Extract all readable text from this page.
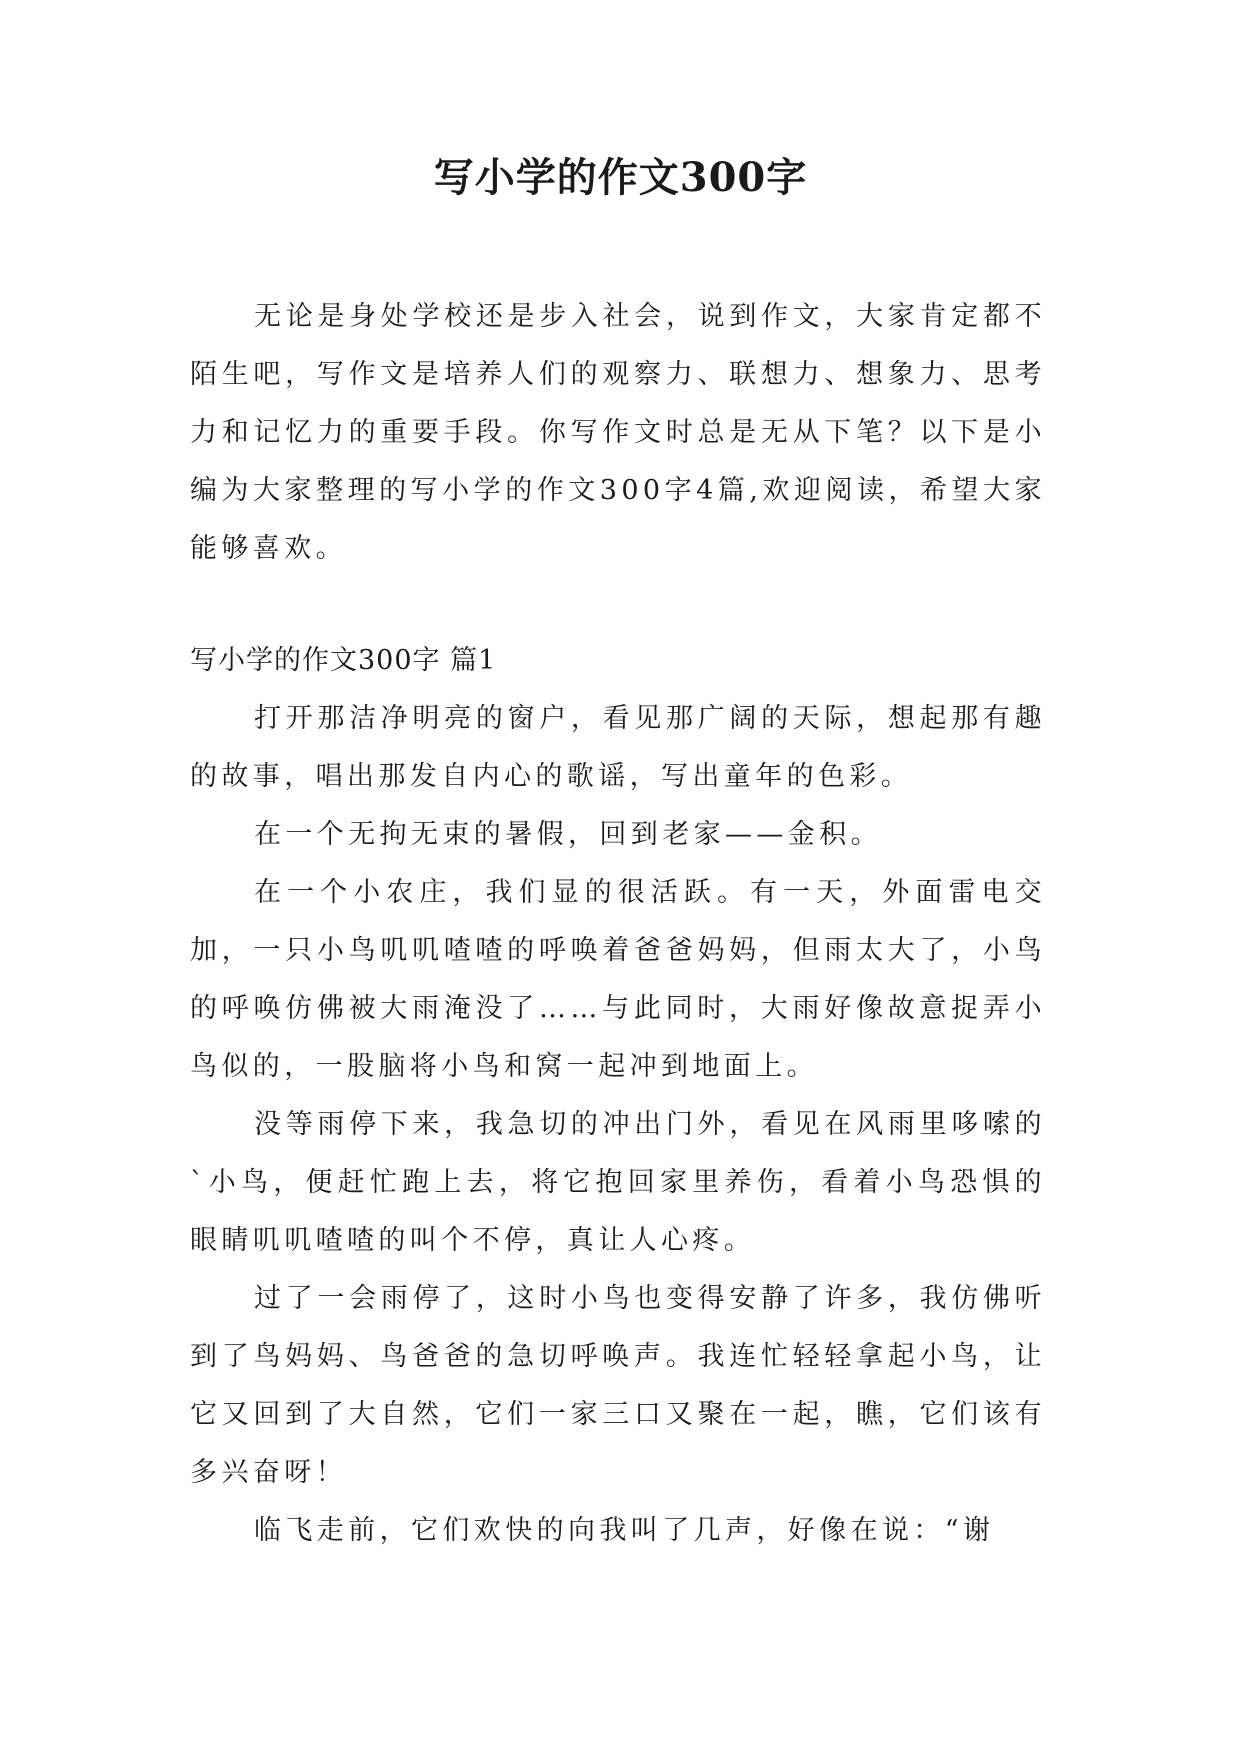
写小学的作文300字

无论是身处学校还是步入社会，说到作文，大家肯定都不陌生吧，写作文是培养人们的观察力、联想力、想象力、思考力和记忆力的重要手段。你写作文时总是无从下笔？以下是小编为大家整理的写小学的作文300字4篇,欢迎阅读，希望大家能够喜欢。

写小学的作文300字 篇1

打开那洁净明亮的窗户，看见那广阔的天际，想起那有趣的故事，唱出那发自内心的歌谣，写出童年的色彩。

在一个无拘无束的暑假，回到老家——金积。

在一个小农庄，我们显的很活跃。有一天，外面雷电交加，一只小鸟叽叽喳喳的呼唤着爸爸妈妈，但雨太大了，小鸟的呼唤仿佛被大雨淹没了……与此同时，大雨好像故意捉弄小鸟似的，一股脑将小鸟和窝一起冲到地面上。

没等雨停下来，我急切的冲出门外，看见在风雨里哆嗦的`小鸟，便赶忙跑上去，将它抱回家里养伤，看着小鸟恐惧的眼睛叽叽喳喳的叫个不停，真让人心疼。

过了一会雨停了，这时小鸟也变得安静了许多，我仿佛听到了鸟妈妈、鸟爸爸的急切呼唤声。我连忙轻轻拿起小鸟，让它又回到了大自然，它们一家三口又聚在一起，瞧，它们该有多兴奋呀！

临飞走前，它们欢快的向我叫了几声，好像在说：“谢
